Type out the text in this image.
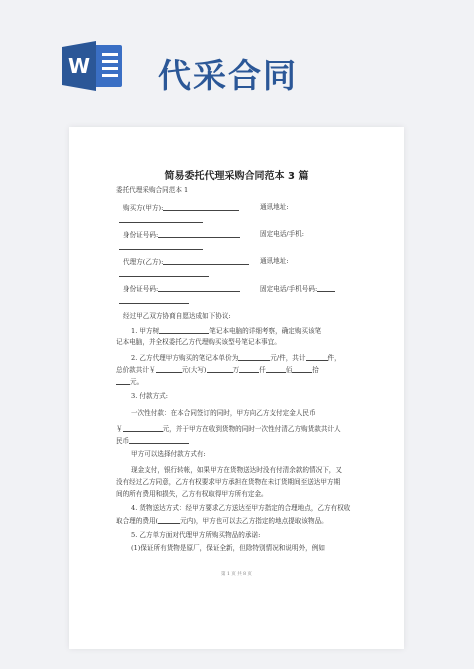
W 代采合同
简易委托代理采购合同范本 3 篇
委托代理采购合同范本 1
购买方(甲方):	通讯地址:
身份证号码:	固定电话/手机:
代理方(乙方):	通讯地址:
身份证号码:	固定电话/手机号码:
经过甲乙双方协商自愿达成如下协议:
1. 甲方树	笔记本电脑的详细考察，确定购买该笔
记本电脑，并全权委托乙方代理购买该型号笔记本事宜。
2. 乙方代理甲方购买的笔记本单价为	元/件，共计	件，
总价款共计￥	元(大写)	万	仟	佰	拾
元。
3. 付款方式:
一次性付款：在本合同签订的同时，甲方向乙方支付定金人民币
￥	元，并于甲方在收到货物的同时一次性付清乙方购货款共计人
民币
甲方可以选择付款方式有:
现金支付，银行转帐，如果甲方在货物送达时没有付清余款的情况下，又
没有经过乙方同意，乙方有权要求甲方承担在货物在未订货期间至送达甲方期
间的所有费用和损失，乙方有权取得甲方所有定金。
4. 货物送达方式：经甲方要求乙方送达至甲方指定的合理地点，乙方有权收
取合理的费用(	元内)，甲方也可以去乙方指定的地点提取该物品。
5. 乙方单方面对代理甲方所购买物品的承诺:
(1)保证所有货物是原厂，保证全新，但除特别情况和说明外，例如
第 1 页 共 8 页
